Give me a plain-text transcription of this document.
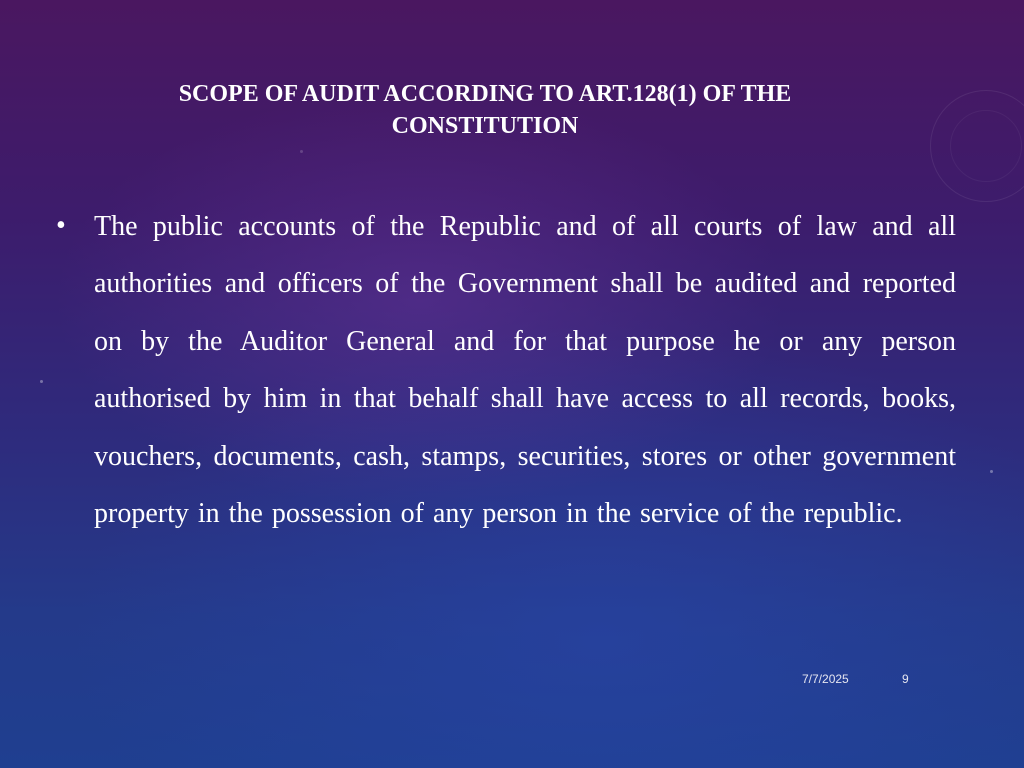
SCOPE OF AUDIT ACCORDING TO ART.128(1) OF THE
CONSTITUTION
• The public accounts of the Republic and of all courts of law and all authorities and officers of the Government shall be audited and reported on by the Auditor General and for that purpose he or any person authorised by him in that behalf shall have access to all records, books, vouchers, documents, cash, stamps, securities, stores or other government property in the possession of any person in the service of the republic.
7/7/2025	9
